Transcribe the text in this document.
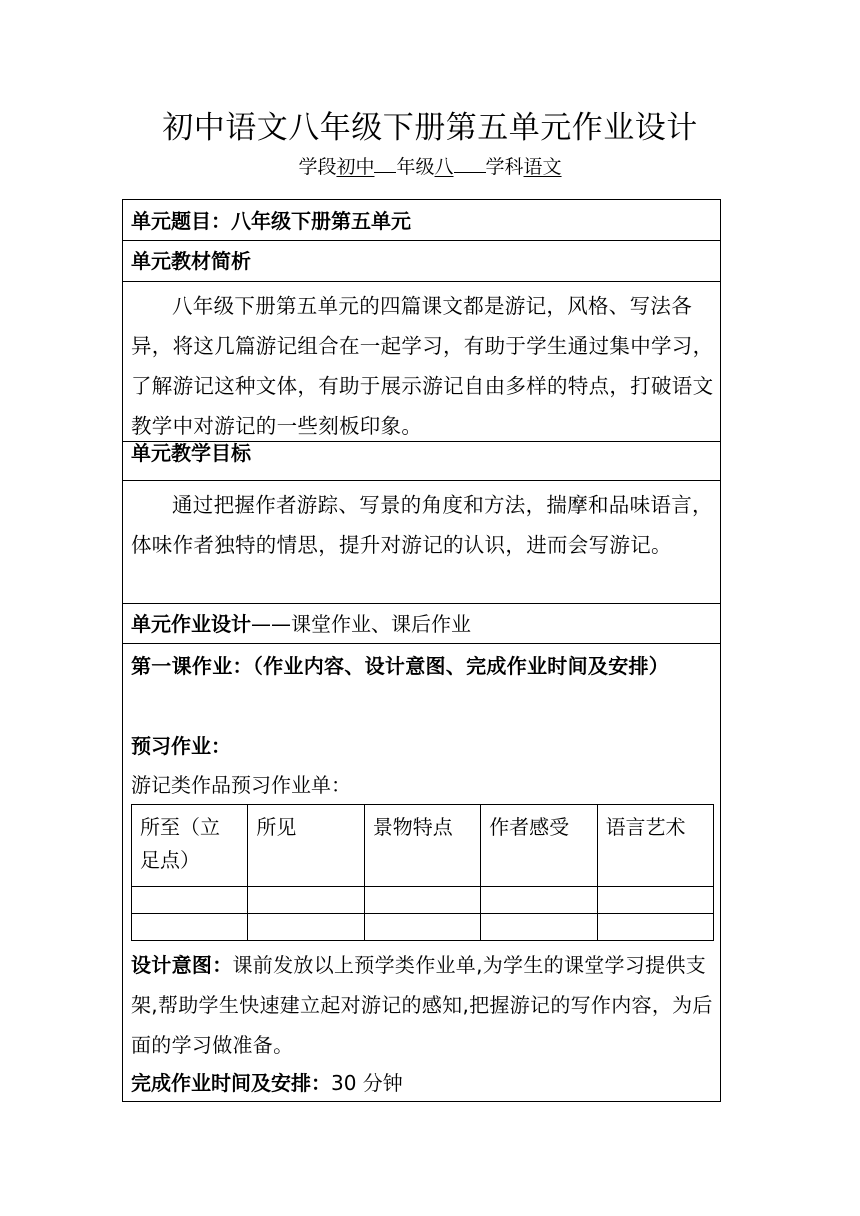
初中语文八年级下册第五单元作业设计
学段初中 年级八 学科语文
单元题目：八年级下册第五单元
单元教材简析
八年级下册第五单元的四篇课文都是游记，风格、写法各异，将这几篇游记组合在一起学习，有助于学生通过集中学习，了解游记这种文体，有助于展示游记自由多样的特点，打破语文教学中对游记的一些刻板印象。
单元教学目标
通过把握作者游踪、写景的角度和方法，揣摩和品味语言，体味作者独特的情思，提升对游记的认识，进而会写游记。
单元作业设计——课堂作业、课后作业
第一课作业：（作业内容、设计意图、完成作业时间及安排）
预习作业：
游记类作品预习作业单：
所至（立足点）	所见	景物特点	作者感受	语言艺术

设计意图：课前发放以上预学类作业单,为学生的课堂学习提供支架,帮助学生快速建立起对游记的感知,把握游记的写作内容，为后面的学习做准备。
完成作业时间及安排：30 分钟
